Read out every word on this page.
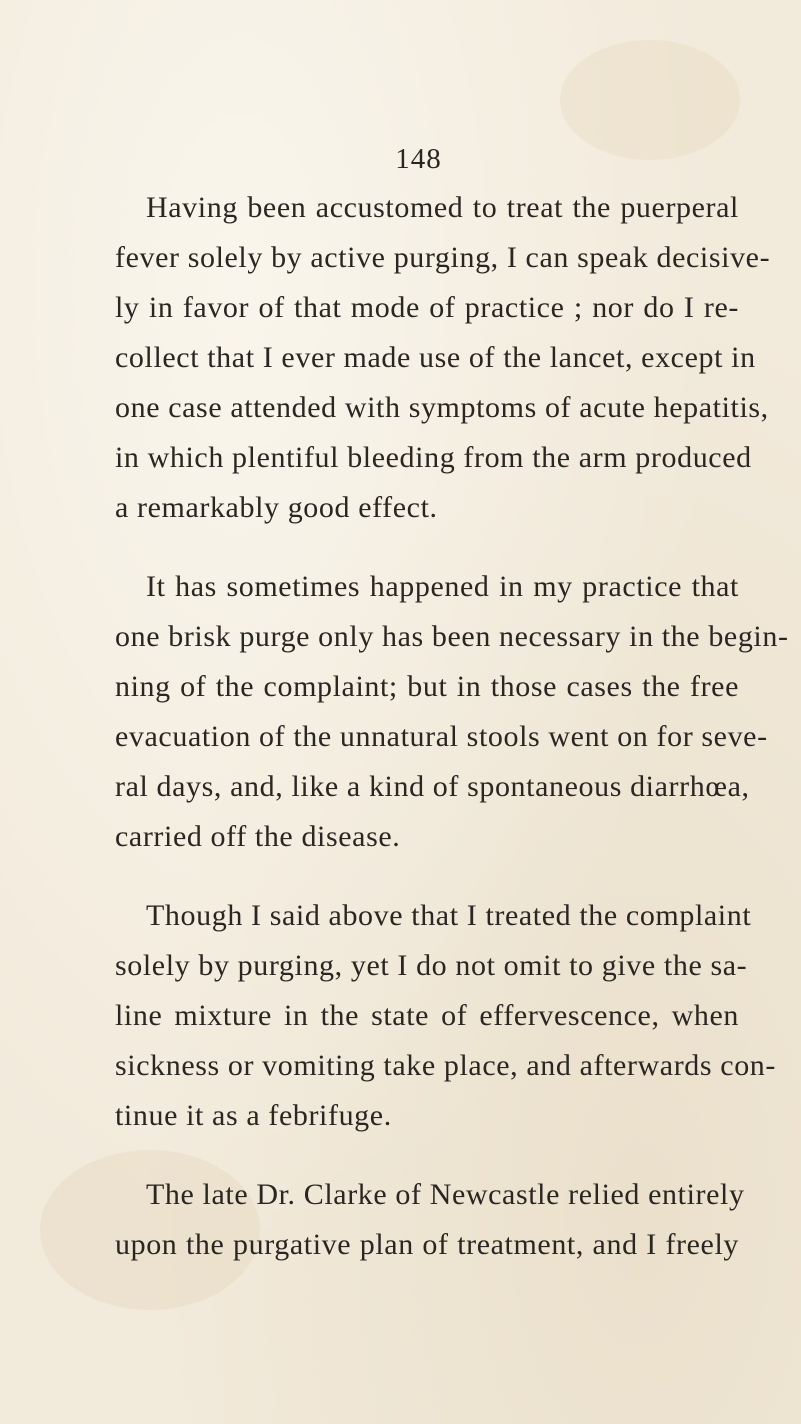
148
Having been accustomed to treat the puerperal
fever solely by active purging, I can speak decisive-
ly in favor of that mode of practice ; nor do I re-
collect that I ever made use of the lancet, except in
one case attended with symptoms of acute hepatitis,
in which plentiful bleeding from the arm produced
a remarkably good effect.
It has sometimes happened in my practice that
one brisk purge only has been necessary in the begin-
ning of the complaint; but in those cases the free
evacuation of the unnatural stools went on for seve-
ral days, and, like a kind of spontaneous diarrhœa,
carried off the disease.
Though I said above that I treated the complaint
solely by purging, yet I do not omit to give the sa-
line mixture in the state of effervescence, when
sickness or vomiting take place, and afterwards con-
tinue it as a febrifuge.
The late Dr. Clarke of Newcastle relied entirely
upon the purgative plan of treatment, and I freely
